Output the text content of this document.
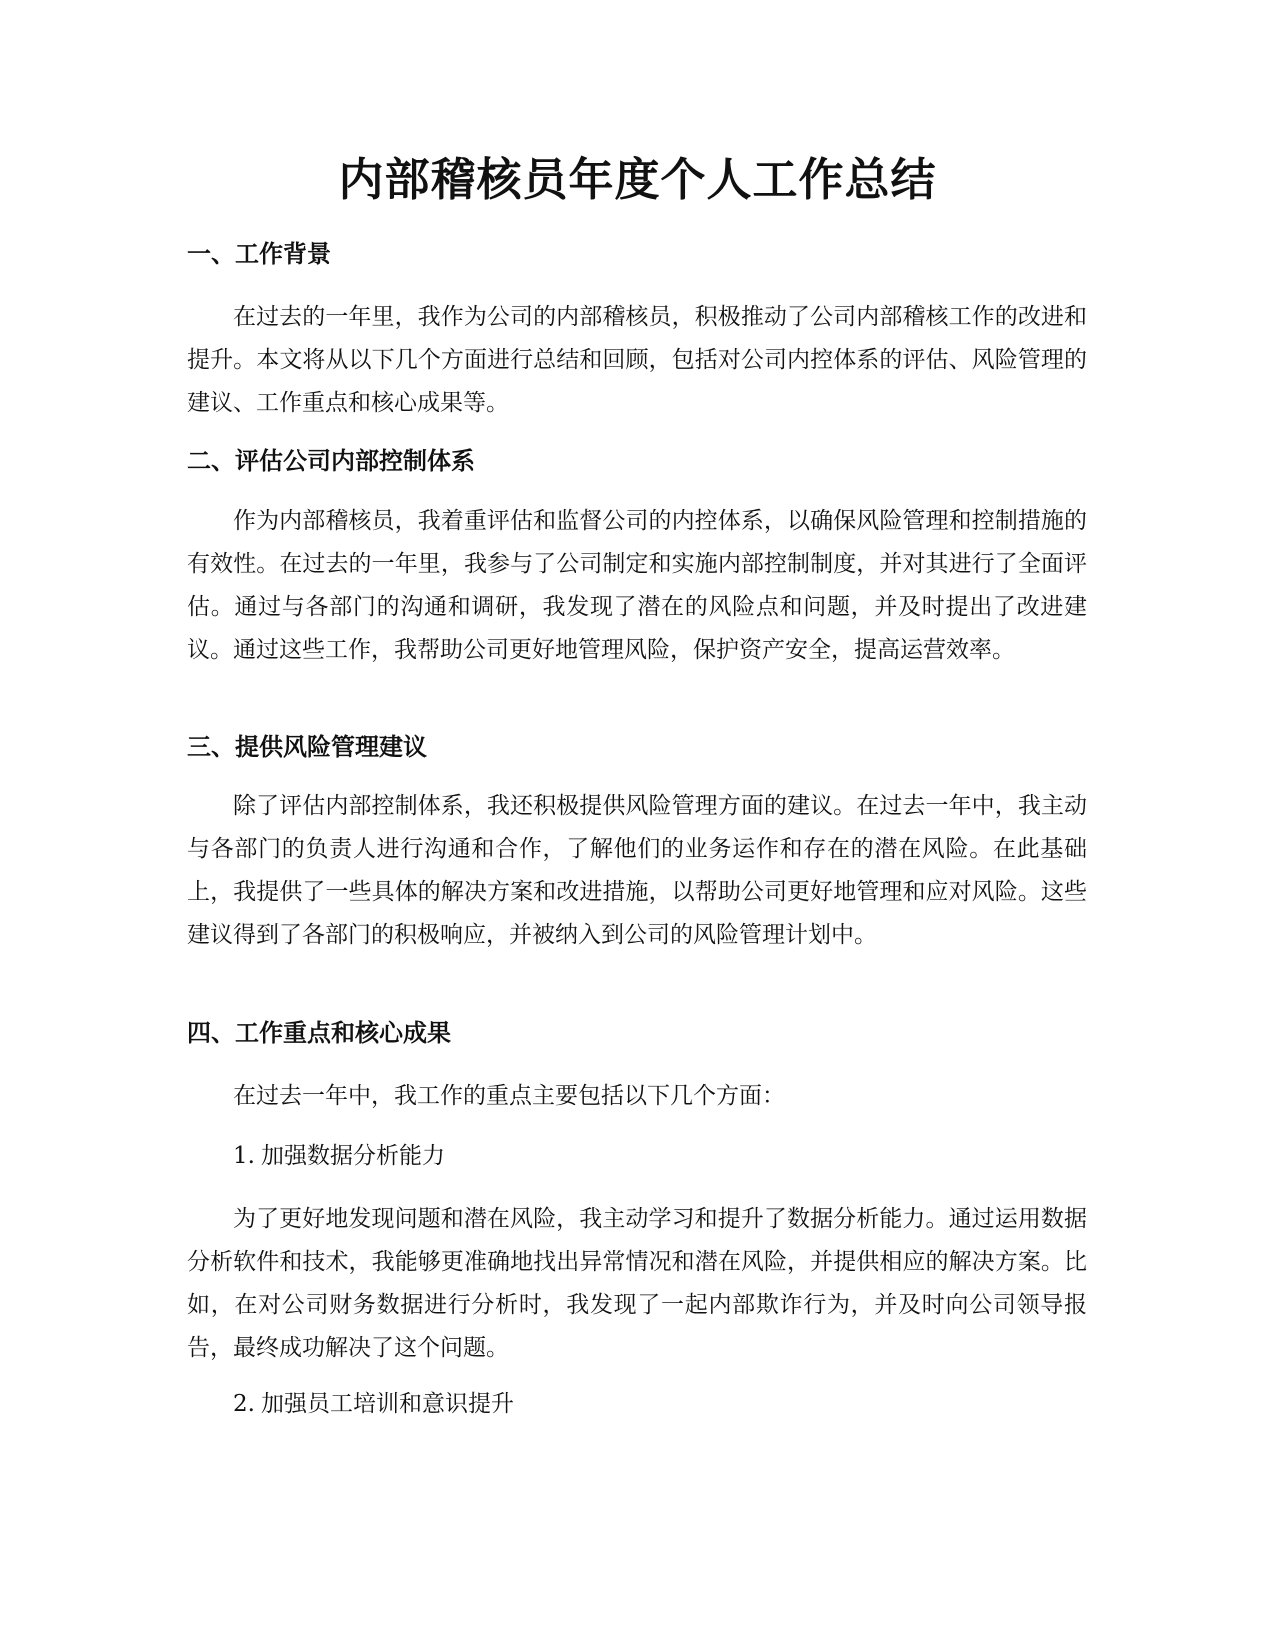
内部稽核员年度个人工作总结
一、工作背景

在过去的一年里，我作为公司的内部稽核员，积极推动了公司内部稽核工作的改进和提升。本文将从以下几个方面进行总结和回顾，包括对公司内控体系的评估、风险管理的建议、工作重点和核心成果等。

二、评估公司内部控制体系

作为内部稽核员，我着重评估和监督公司的内控体系，以确保风险管理和控制措施的有效性。在过去的一年里，我参与了公司制定和实施内部控制制度，并对其进行了全面评估。通过与各部门的沟通和调研，我发现了潜在的风险点和问题，并及时提出了改进建议。通过这些工作，我帮助公司更好地管理风险，保护资产安全，提高运营效率。

三、提供风险管理建议

除了评估内部控制体系，我还积极提供风险管理方面的建议。在过去一年中，我主动与各部门的负责人进行沟通和合作，了解他们的业务运作和存在的潜在风险。在此基础上，我提供了一些具体的解决方案和改进措施，以帮助公司更好地管理和应对风险。这些建议得到了各部门的积极响应，并被纳入到公司的风险管理计划中。

四、工作重点和核心成果

在过去一年中，我工作的重点主要包括以下几个方面：

1. 加强数据分析能力

为了更好地发现问题和潜在风险，我主动学习和提升了数据分析能力。通过运用数据分析软件和技术，我能够更准确地找出异常情况和潜在风险，并提供相应的解决方案。比如，在对公司财务数据进行分析时，我发现了一起内部欺诈行为，并及时向公司领导报告，最终成功解决了这个问题。

2. 加强员工培训和意识提升
